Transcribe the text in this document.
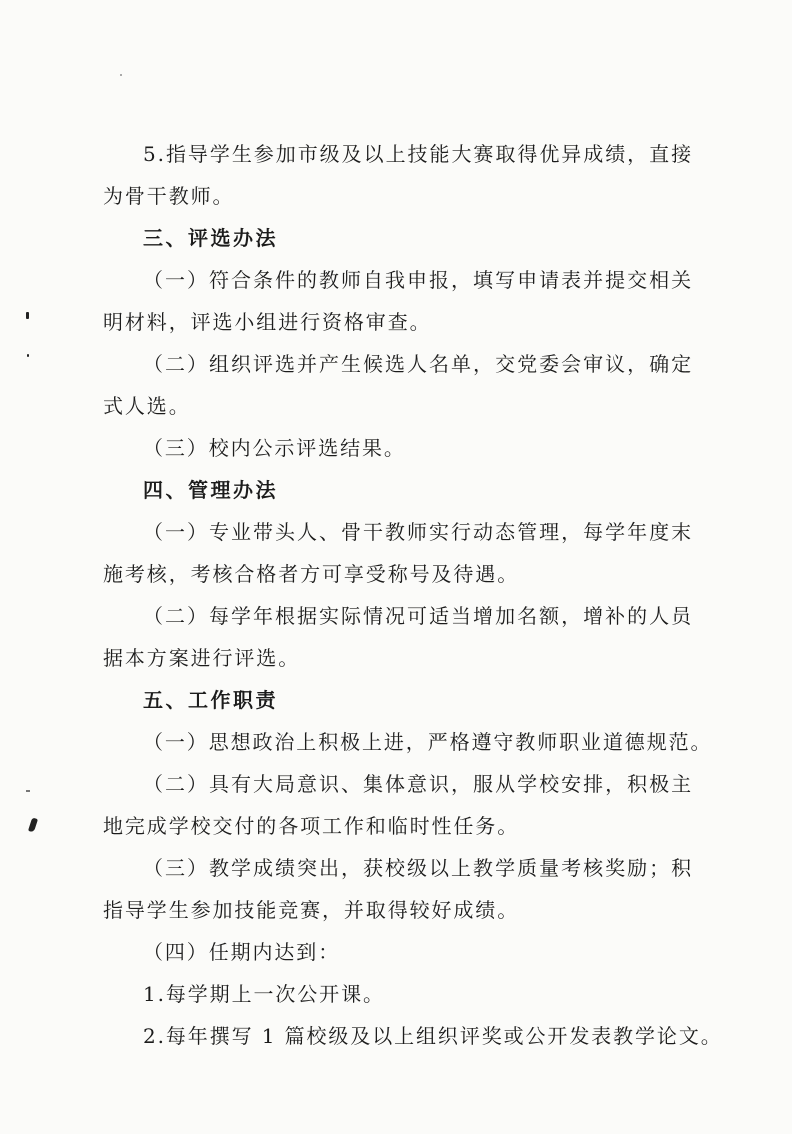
5.指导学生参加市级及以上技能大赛取得优异成绩，直接
为骨干教师。
三、评选办法
（一）符合条件的教师自我申报，填写申请表并提交相关
明材料，评选小组进行资格审查。
（二）组织评选并产生候选人名单，交党委会审议，确定
式人选。
（三）校内公示评选结果。
四、管理办法
（一）专业带头人、骨干教师实行动态管理，每学年度末
施考核，考核合格者方可享受称号及待遇。
（二）每学年根据实际情况可适当增加名额，增补的人员
据本方案进行评选。
五、工作职责
（一）思想政治上积极上进，严格遵守教师职业道德规范。
（二）具有大局意识、集体意识，服从学校安排，积极主
地完成学校交付的各项工作和临时性任务。
（三）教学成绩突出，获校级以上教学质量考核奖励；积
指导学生参加技能竞赛，并取得较好成绩。
（四）任期内达到：
1.每学期上一次公开课。
2.每年撰写 1 篇校级及以上组织评奖或公开发表教学论文。
